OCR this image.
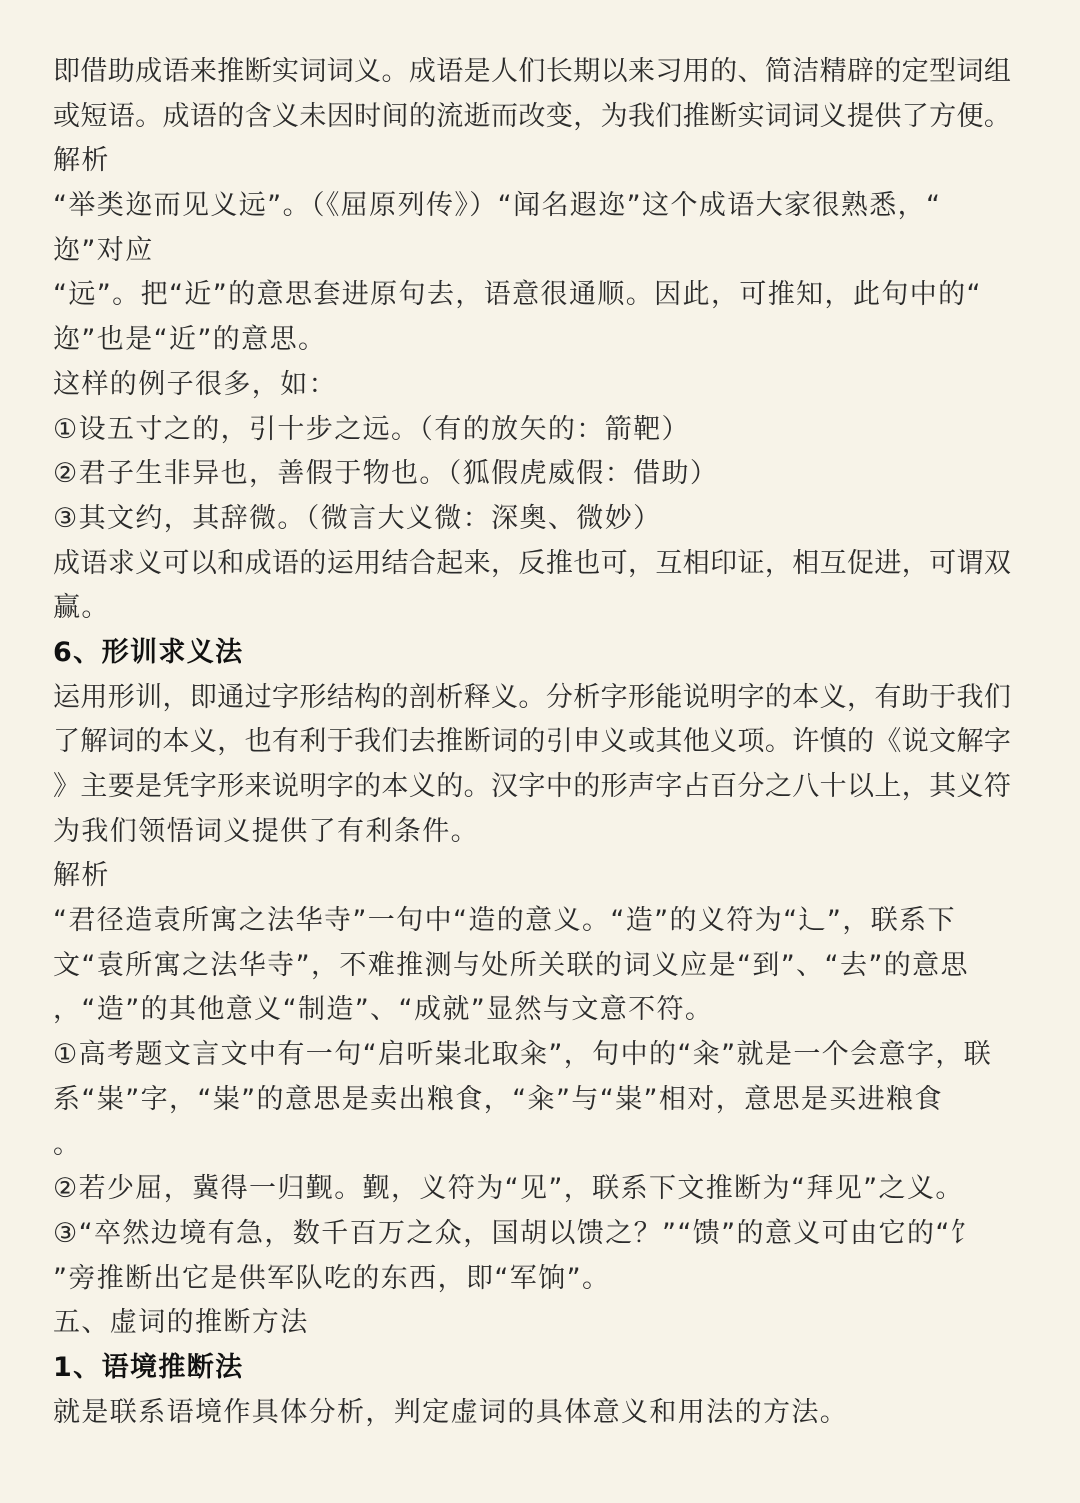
即借助成语来推断实词词义。成语是人们长期以来习用的、简洁精辟的定型词组
或短语。成语的含义未因时间的流逝而改变，为我们推断实词词义提供了方便。
解析
“举类迩而见义远”。（《屈原列传》）“闻名遐迩”这个成语大家很熟悉，“
迩”对应
“远”。把“近”的意思套进原句去，语意很通顺。因此，可推知，此句中的“
迩”也是“近”的意思。
这样的例子很多，如：
①设五寸之的，引十步之远。（有的放矢的：箭靶）
②君子生非异也，善假于物也。（狐假虎威假：借助）
③其文约，其辞微。（微言大义微：深奥、微妙）
成语求义可以和成语的运用结合起来，反推也可，互相印证，相互促进，可谓双
赢。
6、形训求义法
运用形训，即通过字形结构的剖析释义。分析字形能说明字的本义，有助于我们
了解词的本义，也有利于我们去推断词的引申义或其他义项。许慎的《说文解字
》主要是凭字形来说明字的本义的。汉字中的形声字占百分之八十以上，其义符
为我们领悟词义提供了有利条件。
解析
“君径造袁所寓之法华寺”一句中“造的意义。“造”的义符为“辶”，联系下
文“袁所寓之法华寺”，不难推测与处所关联的词义应是“到”、“去”的意思
，“造”的其他意义“制造”、“成就”显然与文意不符。
①高考题文言文中有一句“启听粜北取籴”，句中的“籴”就是一个会意字，联
系“粜”字，“粜”的意思是卖出粮食，“籴”与“粜”相对，意思是买进粮食
。
②若少屈，冀得一归觐。觐，义符为“见”，联系下文推断为“拜见”之义。
③“卒然边境有急，数千百万之众，国胡以馈之？”“馈”的意义可由它的“饣
”旁推断出它是供军队吃的东西，即“军饷”。
五、虚词的推断方法
1、语境推断法
就是联系语境作具体分析，判定虚词的具体意义和用法的方法。
